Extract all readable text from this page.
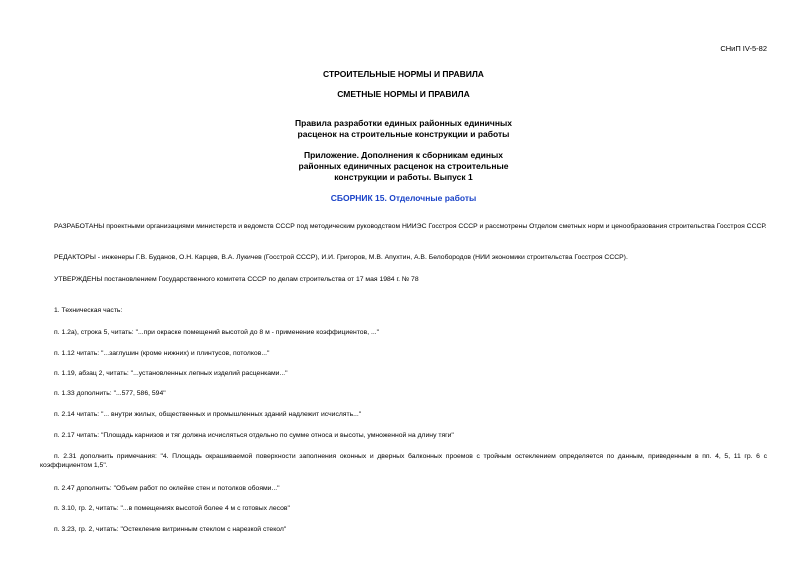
СНиП IV-5-82
СТРОИТЕЛЬНЫЕ НОРМЫ И ПРАВИЛА
СМЕТНЫЕ НОРМЫ И ПРАВИЛА
Правила разработки единых районных единичных
расценок на строительные конструкции и работы
Приложение. Дополнения к сборникам единых
районных единичных расценок на строительные
конструкции и работы. Выпуск 1
СБОРНИК 15. Отделочные работы
РАЗРАБОТАНЫ проектными организациями министерств и ведомств СССР под методическим руководством НИИЭС Госстроя СССР и рассмотрены Отделом сметных норм и ценообразования строительства Госстроя СССР.
РЕДАКТОРЫ - инженеры Г.В. Буданов, О.Н. Карцев, В.А. Лукичев (Госстрой СССР), И.И. Григоров, М.В. Апухтин, А.В. Белобородов (НИИ экономики строительства Госстроя СССР).
УТВЕРЖДЕНЫ постановлением Государственного комитета СССР по делам строительства от 17 мая 1984 г. № 78
1. Техническая часть:
п. 1.2а), строка 5, читать: "...при окраске помещений высотой до 8 м - применение коэффициентов, ..."
п. 1.12 читать: "...заглушин (кроме нижних) и плинтусов, потолков..."
п. 1.19, абзац 2, читать: "...установленных лепных изделий расценками..."
п. 1.33 дополнить: "...577, 586, 594"
п. 2.14 читать: "... внутри жилых, общественных и промышленных зданий надлежит исчислять..."
п. 2.17 читать: "Площадь карнизов и тяг должна исчисляться отдельно по сумме относа и высоты, умноженной на длину тяги"
п. 2.31 дополнить примечания: "4. Площадь окрашиваемой поверхности заполнения оконных и дверных балконных проемов с тройным остеклением определяется по данным, приведенным в пп. 4, 5, 11 гр. 6 с коэффициентом 1,5".
п. 2.47 дополнить: "Объем работ по оклейке стен и потолков обоями..."
п. 3.10, гр. 2, читать: "...в помещениях высотой более 4 м с готовых лесов"
п. 3.23, гр. 2, читать: "Остекление витринным стеклом с нарезкой стекол"
